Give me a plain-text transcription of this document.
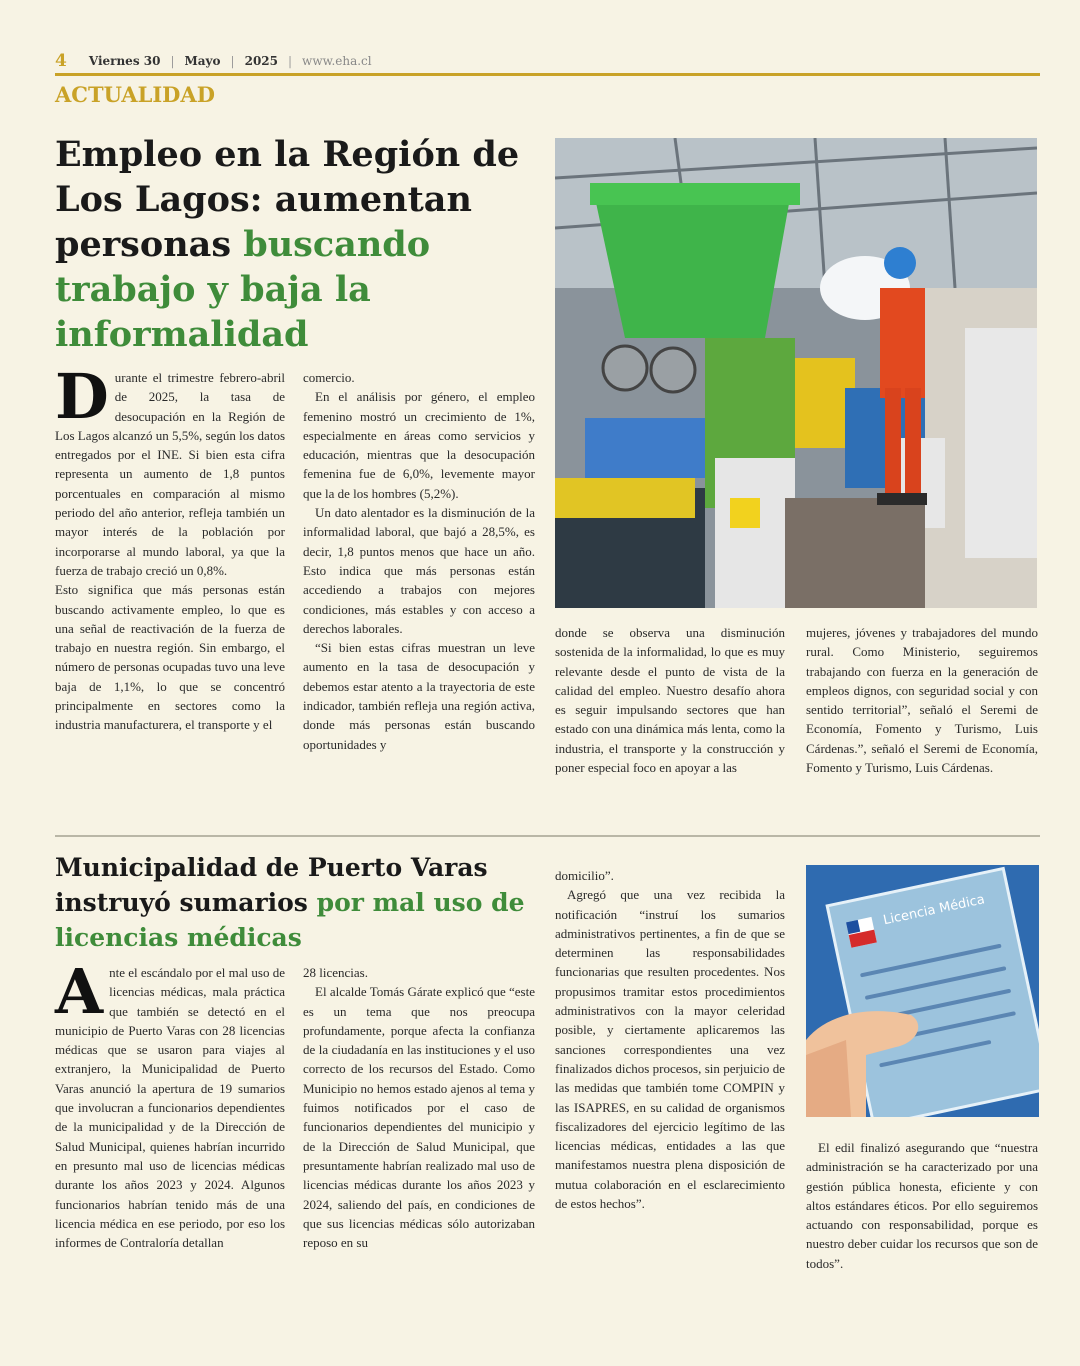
4 Viernes 30 | Mayo | 2025 | www.eha.cl
ACTUALIDAD
Empleo en la Región de Los Lagos: aumentan personas buscando trabajo y baja la informalidad
D urante el trimestre febrero-abril de 2025, la tasa de desocupación en la Región de Los Lagos alcanzó un 5,5%, según los datos entregados por el INE. Si bien esta cifra representa un aumento de 1,8 puntos porcentuales en comparación al mismo periodo del año anterior, refleja también un mayor interés de la población por incorporarse al mundo laboral, ya que la fuerza de trabajo creció un 0,8%.

Esto significa que más personas están buscando activamente empleo, lo que es una señal de reactivación de la fuerza de trabajo en nuestra región. Sin embargo, el número de personas ocupadas tuvo una leve baja de 1,1%, lo que se concentró principalmente en sectores como la industria manufacturera, el transporte y el

comercio.

En el análisis por género, el empleo femenino mostró un crecimiento de 1%, especialmente en áreas como servicios y educación, mientras que la desocupación femenina fue de 6,0%, levemente mayor que la de los hombres (5,2%).

Un dato alentador es la disminución de la informalidad laboral, que bajó a 28,5%, es decir, 1,8 puntos menos que hace un año. Esto indica que más personas están accediendo a trabajos con mejores condiciones, más estables y con acceso a derechos laborales.

“Si bien estas cifras muestran un leve aumento en la tasa de desocupación y debemos estar atento a la trayectoria de este indicador, también refleja una región activa, donde más personas están buscando oportunidades y

donde se observa una disminución sostenida de la informalidad, lo que es muy relevante desde el punto de vista de la calidad del empleo. Nuestro desafío ahora es seguir impulsando sectores que han estado con una dinámica más lenta, como la industria, el transporte y la construcción y poner especial foco en apoyar a las

mujeres, jóvenes y trabajadores del mundo rural. Como Ministerio, seguiremos trabajando con fuerza en la generación de empleos dignos, con seguridad social y con sentido territorial”, señaló el Seremi de Economía, Fomento y Turismo, Luis Cárdenas.”, señaló el Seremi de Economía, Fomento y Turismo, Luis Cárdenas.

Municipalidad de Puerto Varas instruyó sumarios por mal uso de licencias médicas
A nte el escándalo por el mal uso de licencias médicas, mala práctica que también se detectó en el municipio de Puerto Varas con 28 licencias médicas que se usaron para viajes al extranjero, la Municipalidad de Puerto Varas anunció la apertura de 19 sumarios que involucran a funcionarios dependientes de la municipalidad y de la Dirección de Salud Municipal, quienes habrían incurrido en presunto mal uso de licencias médicas durante los años 2023 y 2024. Algunos funcionarios habrían tenido más de una licencia médica en ese periodo, por eso los informes de Contraloría detallan

28 licencias.

El alcalde Tomás Gárate explicó que “este es un tema que nos preocupa profundamente, porque afecta la confianza de la ciudadanía en las instituciones y el uso correcto de los recursos del Estado. Como Municipio no hemos estado ajenos al tema y fuimos notificados por el caso de funcionarios dependientes del municipio y de la Dirección de Salud Municipal, que presuntamente habrían realizado mal uso de licencias médicas durante los años 2023 y 2024, saliendo del país, en condiciones de que sus licencias médicas sólo autorizaban reposo en su

domicilio”.

Agregó que una vez recibida la notificación “instruí los sumarios administrativos pertinentes, a fin de que se determinen las responsabilidades funcionarias que resulten procedentes. Nos propusimos tramitar estos procedimientos administrativos con la mayor celeridad posible, y ciertamente aplicaremos las sanciones correspondientes una vez finalizados dichos procesos, sin perjuicio de las medidas que también tome COMPIN y las ISAPRES, en su calidad de organismos fiscalizadores del ejercicio legítimo de las licencias médicas, entidades a las que manifestamos nuestra plena disposición de mutua colaboración en el esclarecimiento de estos hechos”.

Licencia Médica

El edil finalizó asegurando que “nuestra administración se ha caracterizado por una gestión pública honesta, eficiente y con altos estándares éticos. Por ello seguiremos actuando con responsabilidad, porque es nuestro deber cuidar los recursos que son de todos”.
